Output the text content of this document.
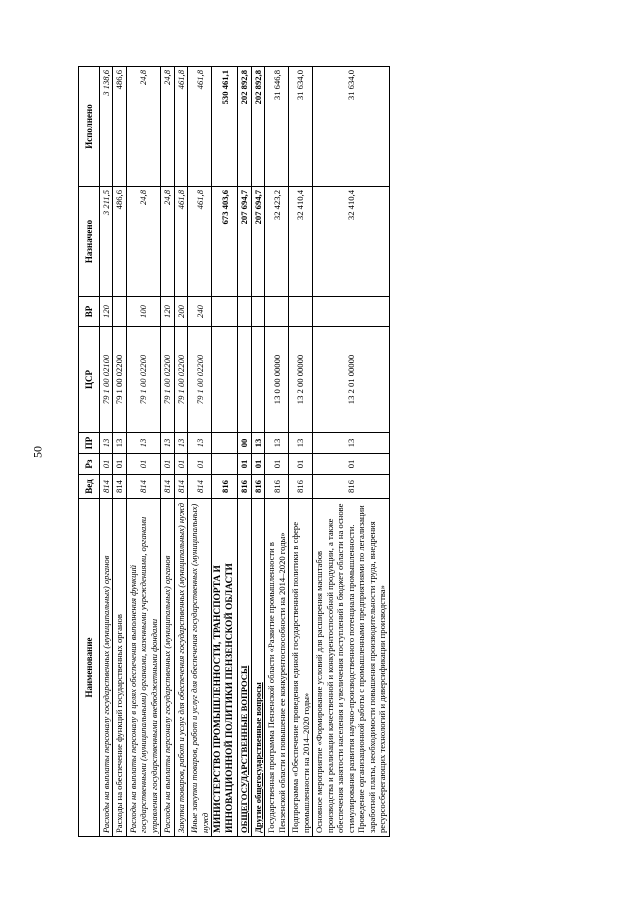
50
Наименование	Вед	Рз	ПР	ЦСР	ВР	Назначено	Исполнено
Расходы на выплаты персоналу государственных (муниципальных) органов	814	01	13	79 1 00 02100	120	3 211,5	3 138,6
Расходы на обеспечение функций государственных органов	814	01	13	79 1 00 02200		486,6	486,6
Расходы на выплаты персоналу в целях обеспечения выполнения функций государственными (муниципальными) органами, казенными учреждениями, органами управления государственными внебюджетными фондами	814	01	13	79 1 00 02200	100	24,8	24,8
Расходы на выплаты персоналу государственных (муниципальных) органов	814	01	13	79 1 00 02200	120	24,8	24,8
Закупка товаров, работ и услуг для обеспечения государственных (муниципальных) нужд	814	01	13	79 1 00 02200	200	461,8	461,8
Иные закупки товаров, работ и услуг для обеспечения государственных (муниципальных) нужд	814	01	13	79 1 00 02200	240	461,8	461,8
МИНИСТЕРСТВО ПРОМЫШЛЕННОСТИ, ТРАНСПОРТА И ИННОВАЦИОННОЙ ПОЛИТИКИ ПЕНЗЕНСКОЙ ОБЛАСТИ	816					673 403,6	530 461,1
ОБЩЕГОСУДАРСТВЕННЫЕ ВОПРОСЫ	816	01	00			207 694,7	202 892,8
Другие общегосударственные вопросы	816	01	13			207 694,7	202 892,8
Государственная программа Пензенской области «Развитие промышленности в Пензенской области и повышение ее конкурентоспособности на 2014–2020 годы»	816	01	13	13 0 00 00000		32 423,2	31 646,8
Подпрограмма «Обеспечение проведения единой государственной политики в сфере промышленности на 2014–2020 годы»	816	01	13	13 2 00 00000		32 410,4	31 634,0
Основное мероприятие «Формирование условий для расширения масштабов производства и реализации качественной и конкурентоспособной продукции, а также обеспечения занятости населения и увеличения поступлений в бюджет области на основе стимулирования развития научно-производственного потенциала промышленности. Проведение организационной работы с промышленными предприятиями по легализации заработной платы, необходимости повышения производительности труда, внедрения ресурсосберегающих технологий и диверсификации производства»	816	01	13	13 2 01 00000		32 410,4	31 634,0
